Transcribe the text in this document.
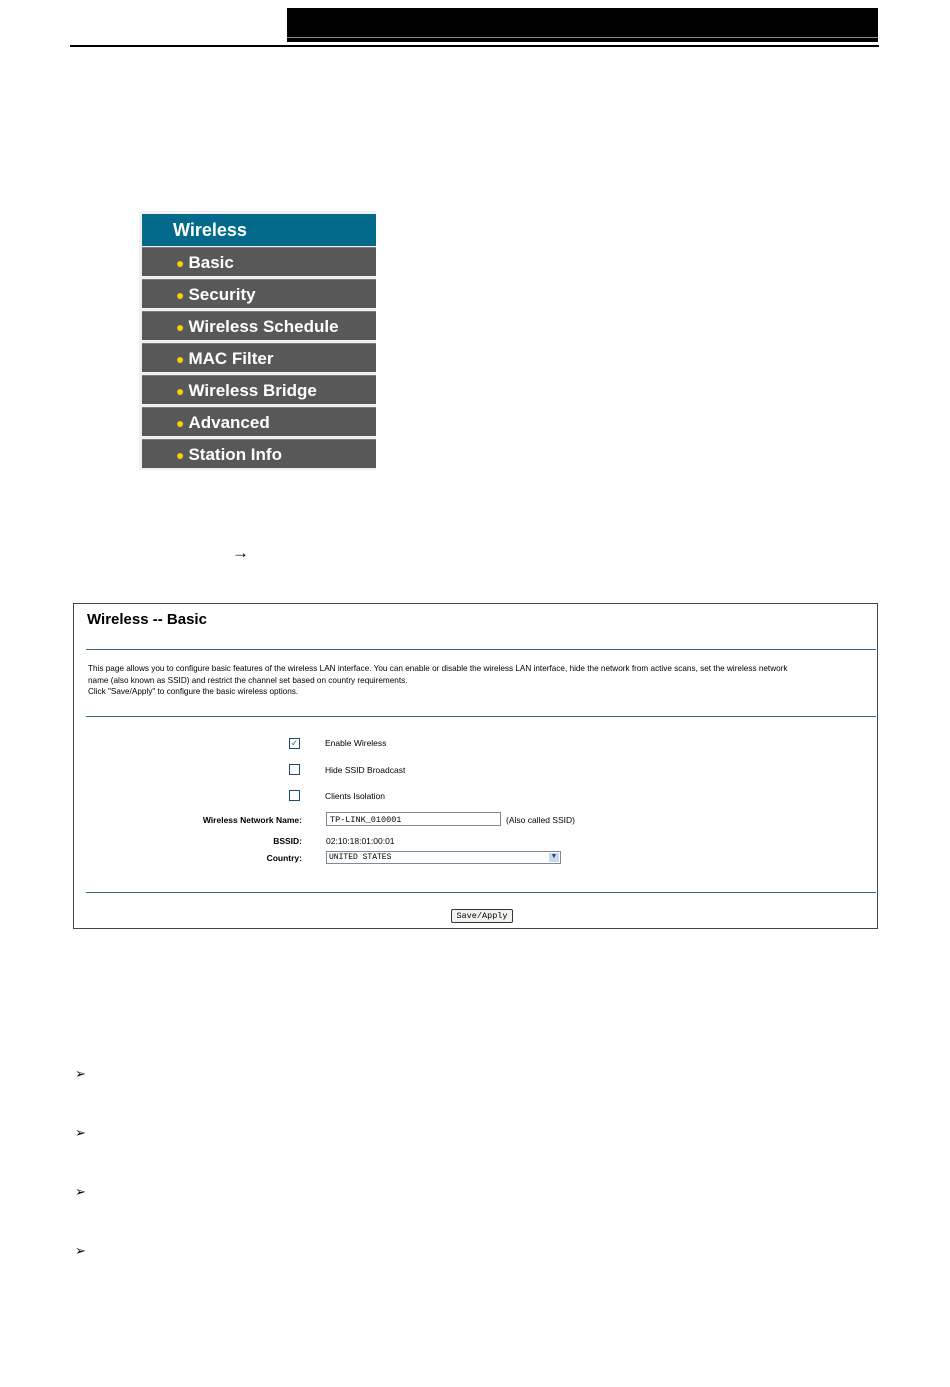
Wireless
● Basic
● Security
● Wireless Schedule
● MAC Filter
● Wireless Bridge
● Advanced
● Station Info
→
Wireless -- Basic
This page allows you to configure basic features of the wireless LAN interface. You can enable or disable the wireless LAN interface, hide the network from active scans, set the wireless network
name (also known as SSID) and restrict the channel set based on country requirements.
Click "Save/Apply" to configure the basic wireless options.
✓	Enable Wireless
Hide SSID Broadcast
Clients Isolation
Wireless Network Name:	TP-LINK_010001	(Also called SSID)
BSSID:	02:10:18:01:00:01
Country:	UNITED STATES	▼
Save/Apply
➢
➢
➢
➢
